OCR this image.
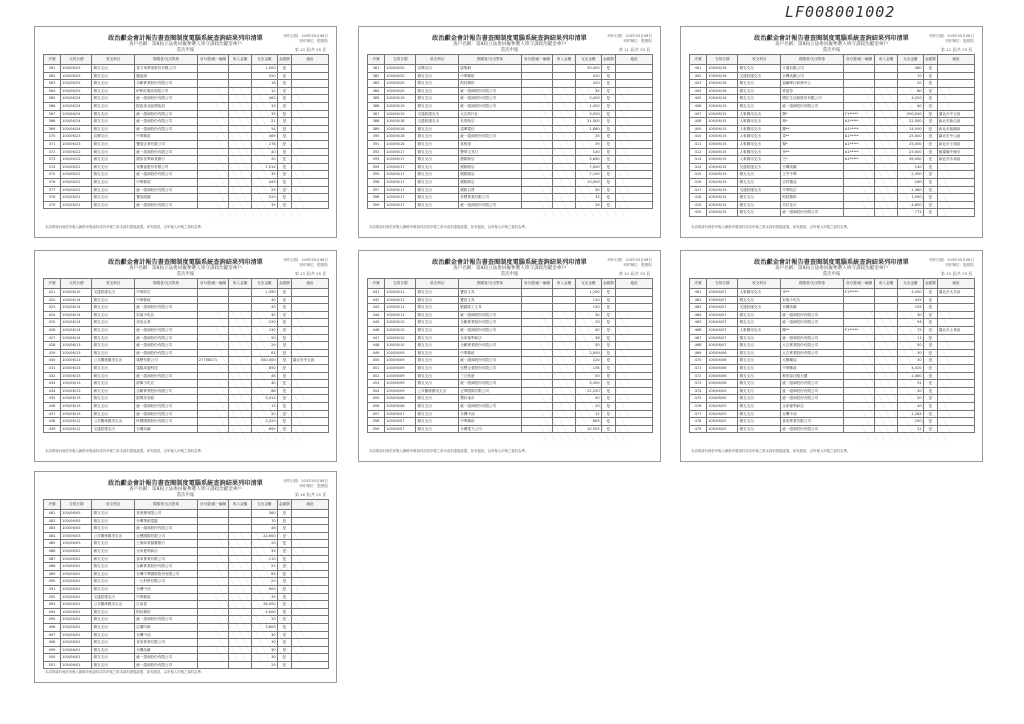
LF008001002
列印日期：103年05月08日
列印單位：監察院
政治獻金會計報告書查閱制度電腦系統查詢結果列印清單
查戶名稱：第8屆立法委員擬參選人周守訓政治獻金專戶
當次申報	第 10 頁/共 25 頁
序號	交易日期	收支科目	捐贈者/支出對象	身分證/統一編號	收入金額	支出金額	金錢類	地址
361	100/06/25	雜支支出	喜天來實業股份有限公司			1,000	是	
362	100/06/25	雜支支出	錦福球			420	是	
363	100/06/25	雜支支出	全聯實業股份有限公司			18	是	
364	100/06/25	雜支支出	IP實用禮品有限公司			12	是	
365	100/06/24	雜支支出	統一超商股份有限公司			462	是	
366	100/06/24	雜支支出	財政部北區國稅局			33	是	
367	100/06/24	雜支支出	統一超商股份有限公司			35	是	
368	100/06/24	雜支支出	統一超商股份有限公司			21	是	
369	100/06/24	雜支支出	統一超商股份有限公司			54	是	
370	100/06/23	宣傳支出	中華郵政			469	是	
371	100/06/23	雜支支出	寶晟企業有限公司			278	是	
372	100/06/22	雜支支出	統一超商股份有限公司			40	是	
373	100/06/22	雜支支出	國泰世華商業銀行			20	是	
374	100/06/22	雜支支出	家樂福股份有限公司			1,514	是	
375	100/06/22	雜支支出	統一超商股份有限公司			35	是	
376	100/06/22	雜支支出	中華郵政			445	是	
377	100/06/22	雜支支出	統一超商股份有限公司			29	是	
378	100/06/21	雜支支出	寶島眼鏡			520	是	
379	100/06/21	雜支支出	統一超商股份有限公司			35	是	
本清單資料係依申報人網路申報資料或其申報之紙本資料建檔產製，如有錯誤，以申報人申報之資料為準。
列印日期：103年05月08日
列印單位：監察院
政治獻金會計報告書查閱制度電腦系統查詢結果列印清單
查戶名稱：第8屆立法委員擬參選人周守訓政治獻金專戶
當次申報	第 11 頁/共 25 頁
序號	交易日期	收支科目	捐贈者/支出對象	身分證/統一編號	收入金額	支出金額	金錢類	地址
381	100/06/20	宣傳支出	啟聖網			30,000	是	
382	100/06/20	雜支支出	中華郵政			420	是	
383	100/06/20	雜支支出	阿姑雞排			420	是	
384	100/06/20	雜支支出	統一超商股份有限公司			35	是	
385	100/06/19	雜支支出	統一超商股份有限公司			5,400	是	
386	100/06/19	雜支支出	統一超商股份有限公司			1,420	是	
387	100/06/19	交通旅運支出	大吉旅行社			5,000	是	
388	100/06/18	交通旅運支出	長榮航空			21,000	是	
389	100/06/18	雜支支出	遠傳電信			1,880	是	
390	100/06/18	雜支支出	統一超商股份有限公司			35	是	
391	100/06/18	雜支支出	喜相逢			39	是	
392	100/06/17	雜支支出	豐華文具行			140	是	
393	100/06/17	雜支支出	國際飯店			3,840	是	
394	100/06/17	雜支支出	國際飯店			7,000	是	
395	100/06/17	雜支支出	國際飯店			7,100	是	
396	100/06/17	雜支支出	國際飯店			10,000	是	
397	100/06/17	雜支支出	國際百貨			30	是	
398	100/06/17	雜支支出	昇豐實業有限公司			32	是	
399	100/06/17	雜支支出	統一超商股份有限公司			26	是	
本清單資料係依申報人網路申報資料或其申報之紙本資料建檔產製，如有錯誤，以申報人申報之資料為準。
列印日期：103年05月08日
列印單位：監察院
政治獻金會計報告書查閱制度電腦系統查詢結果列印清單
查戶名稱：第8屆立法委員擬參選人周守訓政治獻金專戶
當次申報	第 12 頁/共 25 頁
序號	交易日期	收支科目	捐贈者/支出對象	身分證/統一編號	收入金額	支出金額	金錢類	地址
401	100/06/16	雜支支出	宇通有限公司			480	是	
402	100/06/16	交通旅運支出	台灣高鐵公司			70	是	
403	100/06/16	雜支支出	福爾摩沙商務中心			20	是	
404	100/06/16	雜支支出	麥當勞			80	是	
405	100/06/16	雜支支出	國民生活館股份有限公司			4,320	是	
406	100/06/15	雜支支出	統一超商股份有限公司			40	是	
407	100/06/15	人事費用支出	鄭*	F1*****		500,000	是	臺北市中正區
408	100/06/15	人事費用支出	林*	A1*****		22,500	是	新北市新店區
409	100/06/15	人事費用支出	陳**	A1*****		24,500	是	新北市板橋區
410	100/06/15	人事費用支出	黃**	A1*****		25,000	是	臺北市中山區
411	100/06/15	人事費用支出	楊*	A1*****		25,000	是	新北市土城區
412	100/06/15	人事費用支出	李**	A1*****		25,000	是	桃園縣中壢市
413	100/06/15	人事費用支出	王*	A1*****		26,000	是	新北市永和區
414	100/06/15	交通旅運支出	台灣高鐵			140	是	
415	100/06/15	雜支支出	文亨中華			2,300	是	
416	100/06/15	雜支支出	吉祥禮品			160	是	
417	100/06/15	交通旅運支出	中華航空			1,360	是	
418	100/06/15	雜支支出	阿姑雞排			1,950	是	
419	100/06/15	雜支支出	共好花坊			4,800	是	
420	100/06/15	雜支支出	統一超商股份有限公司			772	是	
本清單資料係依申報人網路申報資料或其申報之紙本資料建檔產製，如有錯誤，以申報人申報之資料為準。
列印日期：103年05月08日
列印單位：監察院
政治獻金會計報告書查閱制度電腦系統查詢結果列印清單
查戶名稱：第8屆立法委員擬參選人周守訓政治獻金專戶
當次申報	第 13 頁/共 25 頁
序號	交易日期	收支科目	捐贈者/支出對象	身分證/統一編號	收入金額	支出金額	金錢類	地址
421	100/06/15	交通旅運支出	中華航空			1,390	是	
422	100/06/14	雜支支出	中華郵政			40	是	
423	100/06/14	雜支支出	統一超商股份有限公司			40	是	
424	100/06/14	雜支支出	彩晟小吃店			40	是	
425	100/06/14	雜支支出	美加企業			150	是	
426	100/06/14	雜支支出	統一超商股份有限公司			130	是	
427	100/06/14	雜支支出	統一超商股份有限公司			50	是	
428	100/06/13	雜支支出	統一超商股份有限公司			29	是	
429	100/06/13	雜支支出	統一超商股份有限公司			81	是	
430	100/06/13	公共關係費用支出	璿豐有限公司	27758071		450,000	是	臺北市中正區
431	100/06/13	雜支支出	電腦周邊科技			850	是	
432	100/06/13	雜支支出	統一超商股份有限公司			46	是	
433	100/06/13	雜支支出	群飾小吃店			40	是	
434	100/06/13	雜支支出	全聯實業股份有限公司			68	是	
435	100/06/13	雜支支出	群聲美食館			3,413	是	
436	100/06/13	雜支支出	統一超商股份有限公司			15	是	
437	100/06/13	雜支支出	統一超商股份有限公司			20	是	
438	100/06/12	公共關係費用支出	昕豐國際股份有限公司			2,320	是	
439	100/06/12	交通旅運支出	台灣高鐵			695	是	
本清單資料係依申報人網路申報資料或其申報之紙本資料建檔產製，如有錯誤，以申報人申報之資料為準。
列印日期：103年05月08日
列印單位：監察院
政治獻金會計報告書查閱制度電腦系統查詢結果列印清單
查戶名稱：第8屆立法委員擬參選人周守訓政治獻金專戶
當次申報	第 14 頁/共 25 頁
序號	交易日期	收支科目	捐贈者/支出對象	身分證/統一編號	收入金額	支出金額	金錢類	地址
441	100/06/11	雜支支出	寶島文具			1,200	是	
442	100/06/11	雜支支出	寶島文具			120	是	
443	100/06/11	雜支支出	節錦紙工文具			130	是	
444	100/06/11	雜支支出	統一超商股份有限公司			30	是	
445	100/06/10	雜支支出	全聯實業股份有限公司			20	是	
446	100/06/10	雜支支出	統一超商股份有限公司			40	是	
447	100/06/10	雜支支出	全家便利商店			36	是	
448	100/06/10	雜支支出	全聯實業股份有限公司			30	是	
449	100/06/09	雜支支出	中華郵政			2,000	是	
450	100/06/09	雜支支出	統一超商股份有限公司			120	是	
451	100/06/09	雜支支出	伍豐企業股份有限公司			135	是	
452	100/06/09	雜支支出	三日旅遊			50	是	
453	100/06/09	雜支支出	統一超商股份有限公司			3,500	是	
454	100/06/09	公共關係費用支出	正華國際有限公司			22,250	是	
455	100/06/08	雜支支出	豐好東市			40	是	
456	100/06/08	雜支支出	統一超商股份有限公司			20	是	
457	100/06/07	雜支支出	台灣中油			12	是	
458	100/06/07	雜支支出	中華郵政			685	是	
459	100/06/07	雜支支出	台灣電力公司			10,555	是	
本清單資料係依申報人網路申報資料或其申報之紙本資料建檔產製，如有錯誤，以申報人申報之資料為準。
列印日期：103年05月08日
列印單位：監察院
政治獻金會計報告書查閱制度電腦系統查詢結果列印清單
查戶名稱：第8屆立法委員擬參選人周守訓政治獻金專戶
當次申報	第 15 頁/共 25 頁
序號	交易日期	收支科目	捐贈者/支出對象	身分證/統一編號	收入金額	支出金額	金錢類	地址
461	100/06/07	人事費用支出	李**	F1*****		4,000	是	臺北市大安區
462	100/06/07	雜支支出	彩晟小吃店			429	是	
463	100/06/07	交通旅運支出	台灣高鐵			105	是	
464	100/06/07	雜支支出	統一超商股份有限公司			30	是	
465	100/06/07	雜支支出	統一超商股份有限公司			94	是	
466	100/06/07	人事費用支出	陳**	F1*****		75	是	臺北市士林區
467	100/06/07	雜支支出	統一超商股份有限公司			11	是	
468	100/06/07	雜支支出	大吉實業股份有限公司			50	是	
469	100/06/06	雜支支出	大吉實業股份有限公司			30	是	
470	100/06/06	雜支支出	大樹藥局			30	是	
471	100/06/06	雜支支出	中華郵政			4,520	是	
472	100/06/06	雜支支出	教育部社服大樓			2,460	是	
473	100/06/06	雜支支出	統一超商股份有限公司			31	是	
474	100/06/05	雜支支出	統一超商股份有限公司			30	是	
475	100/06/05	雜支支出	統一超商股份有限公司			20	是	
476	100/06/05	雜支支出	全家便利商店			40	是	
477	100/06/05	雜支支出	台灣中油			1,284	是	
478	100/06/05	雜支支出	喜來實業有限公司			250	是	
479	100/06/05	雜支支出	統一超商股份有限公司			12	是	
本清單資料係依申報人網路申報資料或其申報之紙本資料建檔產製，如有錯誤，以申報人申報之資料為準。
列印日期：103年05月08日
列印單位：監察院
政治獻金會計報告書查閱制度電腦系統查詢結果列印清單
查戶名稱：第8屆立法委員擬參選人周守訓政治獻金專戶
當次申報	第 16 頁/共 25 頁
序號	交易日期	收支科目	捐贈者/支出對象	身分證/統一編號	收入金額	支出金額	金錢類	地址
481	100/06/05	雜支支出	喜來樂有限公司			360	是	
482	100/06/05	雜支支出	台灣華碩電腦			70	是	
483	100/06/03	雜支支出	統一超商股份有限公司			48	是	
484	100/06/03	公共關係費用支出	大豐國際有限公司			22,600	是	
485	100/06/03	雜支支出	上海商業儲蓄銀行			20	是	
486	100/06/02	雜支支出	全家便利商店			35	是	
487	100/06/02	雜支支出	喜來實業有限公司			110	是	
488	100/06/02	雜支支出	全聯實業股份有限公司			25	是	
489	100/06/02	雜支支出	台灣中華國際股份有限公司			85	是	
490	100/06/02	雜支支出	一元科學有限公司			20	是	
491	100/06/02	雜支支出	台灣中油			800	是	
492	100/06/02	交通旅運支出	中華郵政			35	是	
493	100/06/01	公共關係費用支出	江南春			28,000	是	
494	100/06/01	雜支支出	阿姑雞排			4,000	是	
495	100/06/01	雜支支出	統一超商股份有限公司			20	是	
496	100/06/01	雜支支出	紅樓印館			3,600	是	
497	100/06/01	雜支支出	台灣中油			30	是	
498	100/06/01	雜支支出	喜來實業有限公司			30	是	
499	100/06/01	雜支支出	台灣高鐵			30	是	
500	100/06/01	雜支支出	統一超商股份有限公司			30	是	
501	100/06/01	雜支支出	統一超商股份有限公司			29	是	
本清單資料係依申報人網路申報資料或其申報之紙本資料建檔產製，如有錯誤，以申報人申報之資料為準。
